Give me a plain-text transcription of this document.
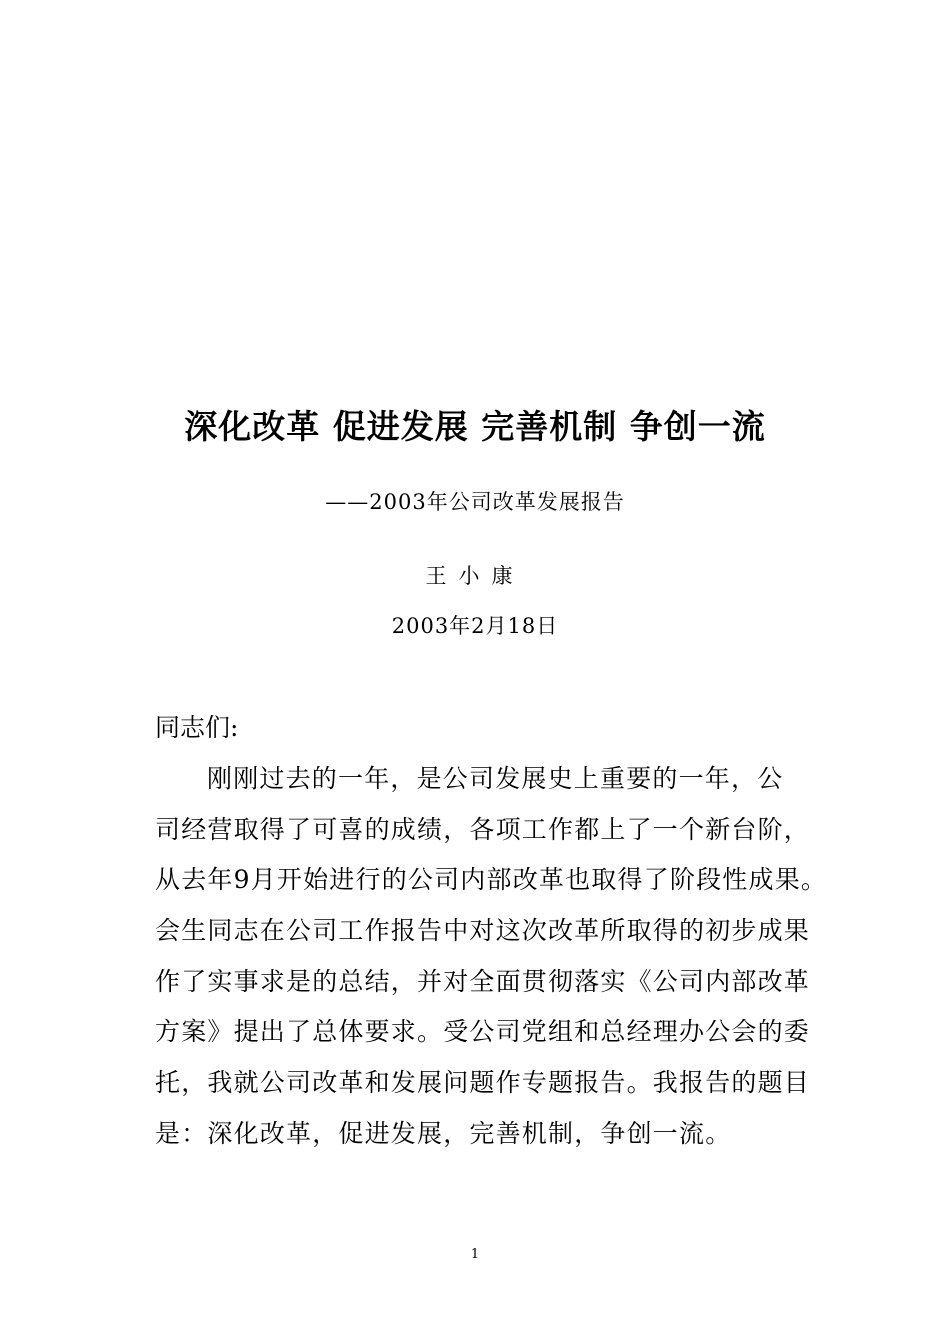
深化改革 促进发展 完善机制 争创一流
——2003年公司改革发展报告
王小康
2003年2月18日
同志们:
刚刚过去的一年，是公司发展史上重要的一年，公
司经营取得了可喜的成绩，各项工作都上了一个新台阶，
从去年9月开始进行的公司内部改革也取得了阶段性成果。
会生同志在公司工作报告中对这次改革所取得的初步成果
作了实事求是的总结，并对全面贯彻落实《公司内部改革
方案》提出了总体要求。受公司党组和总经理办公会的委
托，我就公司改革和发展问题作专题报告。我报告的题目
是：深化改革，促进发展，完善机制，争创一流。
1
